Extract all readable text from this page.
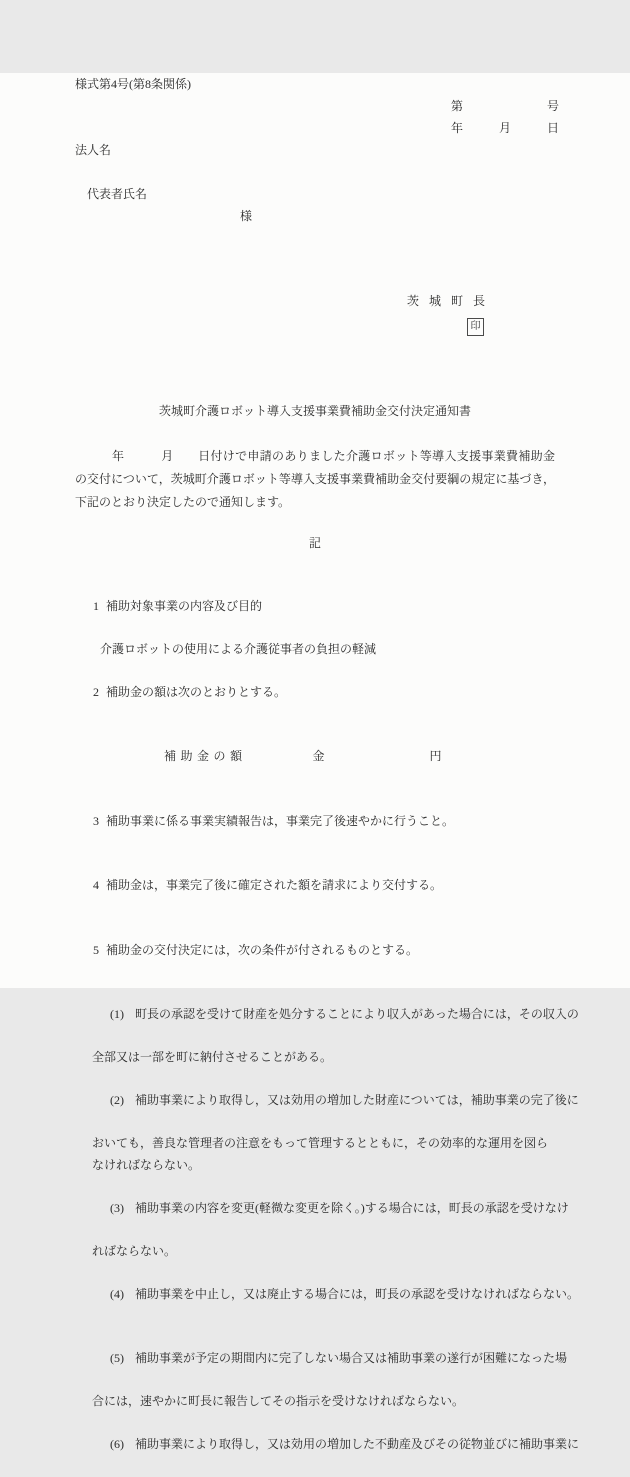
様式第4号(第8条関係)
第　　　　　　　号
年　　　月　　　日
法人名

代表者氏名
様

茨　城　町　長
印

茨城町介護ロボット導入支援事業費補助金交付決定通知書
　　　年　　　月　　日付けで申請のありました介護ロボット等導入支援事業費補助金
の交付について，茨城町介護ロボット等導入支援事業費補助金交付要綱の規定に基づき，
下記のとおり決定したので通知します。
記

1 補助対象事業の内容及び目的

介護ロボットの使用による介護従事者の負担の軽減

2 補助金の額は次のとおりとする。

補助金の額	金	円

3 補助事業に係る事業実績報告は，事業完了後速やかに行うこと。

4 補助金は，事業完了後に確定された額を請求により交付する。

5 補助金の交付決定には，次の条件が付されるものとする。

(1) 町長の承認を受けて財産を処分することにより収入があった場合には，その収入の

全部又は一部を町に納付させることがある。

(2) 補助事業により取得し，又は効用の増加した財産については，補助事業の完了後に

おいても，善良な管理者の注意をもって管理するとともに，その効率的な運用を図ら
なければならない。

(3) 補助事業の内容を変更(軽微な変更を除く。)する場合には，町長の承認を受けなけ

ればならない。

(4) 補助事業を中止し，又は廃止する場合には，町長の承認を受けなければならない。

(5) 補助事業が予定の期間内に完了しない場合又は補助事業の遂行が困難になった場

合には，速やかに町長に報告してその指示を受けなければならない。

(6) 補助事業により取得し，又は効用の増加した不動産及びその従物並びに補助事業に
